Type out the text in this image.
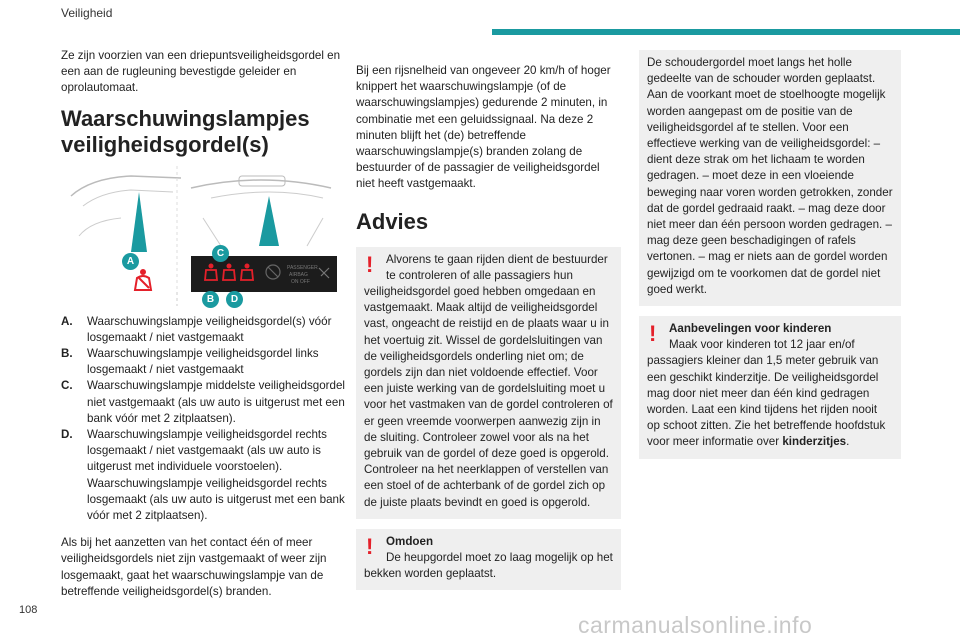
Veiligheid

Ze zijn voorzien van een driepuntsveiligheidsgordel en een aan de rugleuning bevestigde geleider en oprolautomaat.

Waarschuwingslampjes veiligheidsgordel(s)
PASSENGER
AIRBAG
ON OFF
A
C
B	D
A.	Waarschuwingslampje veiligheidsgordel(s) vóór losgemaakt / niet vastgemaakt
B.	Waarschuwingslampje veiligheidsgordel links losgemaakt / niet vastgemaakt
C.	Waarschuwingslampje middelste veiligheidsgordel niet vastgemaakt (als uw auto is uitgerust met een bank vóór met 2 zitplaatsen).
D.	Waarschuwingslampje veiligheidsgordel rechts losgemaakt / niet vastgemaakt (als uw auto is uitgerust met individuele voorstoelen). Waarschuwingslampje veiligheidsgordel rechts losgemaakt (als uw auto is uitgerust met een bank vóór met 2 zitplaatsen).

Als bij het aanzetten van het contact één of meer veiligheidsgordels niet zijn vastgemaakt of weer zijn losgemaakt, gaat het waarschuwingslampje van de betreffende veiligheidsgordel(s) branden.

Bij een rijsnelheid van ongeveer 20 km/h of hoger knippert het waarschuwingslampje (of de waarschuwingslampjes) gedurende 2 minuten, in combinatie met een geluidssignaal. Na deze 2 minuten blijft het (de) betreffende waarschuwingslampje(s) branden zolang de bestuurder of de passagier de veiligheidsgordel niet heeft vastgemaakt.

Advies
!	Alvorens te gaan rijden dient de bestuurder te controleren of alle passagiers hun
veiligheidsgordel goed hebben omgedaan en vastgemaakt. Maak altijd de veiligheidsgordel vast, ongeacht de reistijd en de plaats waar u in het voertuig zit. Wissel de gordelsluitingen van de veiligheidsgordels onderling niet om; de gordels zijn dan niet voldoende effectief. Voor een juiste werking van de gordelsluiting moet u voor het vastmaken van de gordel controleren of er geen vreemde voorwerpen aanwezig zijn in de sluiting. Controleer zowel voor als na het gebruik van de gordel of deze goed is opgerold. Controleer na het neerklappen of verstellen van een stoel of de achterbank of de gordel zich op de juiste plaats bevindt en goed is opgerold.
!	Omdoen
De heupgordel moet zo laag mogelijk op het
bekken worden geplaatst.
De schoudergordel moet langs het holle gedeelte van de schouder worden geplaatst. Aan de voorkant moet de stoelhoogte mogelijk worden aangepast om de positie van de veiligheidsgordel af te stellen. Voor een effectieve werking van de veiligheidsgordel: – dient deze strak om het lichaam te worden gedragen. – moet deze in een vloeiende beweging naar voren worden getrokken, zonder dat de gordel gedraaid raakt. – mag deze door niet meer dan één persoon worden gedragen. – mag deze geen beschadigingen of rafels vertonen. – mag er niets aan de gordel worden gewijzigd om te voorkomen dat de gordel niet goed werkt.
!	Aanbevelingen voor kinderen
Maak voor kinderen tot 12 jaar en/of
passagiers kleiner dan 1,5 meter gebruik van een geschikt kinderzitje. De veiligheidsgordel mag door niet meer dan één kind gedragen worden. Laat een kind tijdens het rijden nooit op schoot zitten. Zie het betreffende hoofdstuk voor meer informatie over kinderzitjes.
108
carmanualsonline.info
